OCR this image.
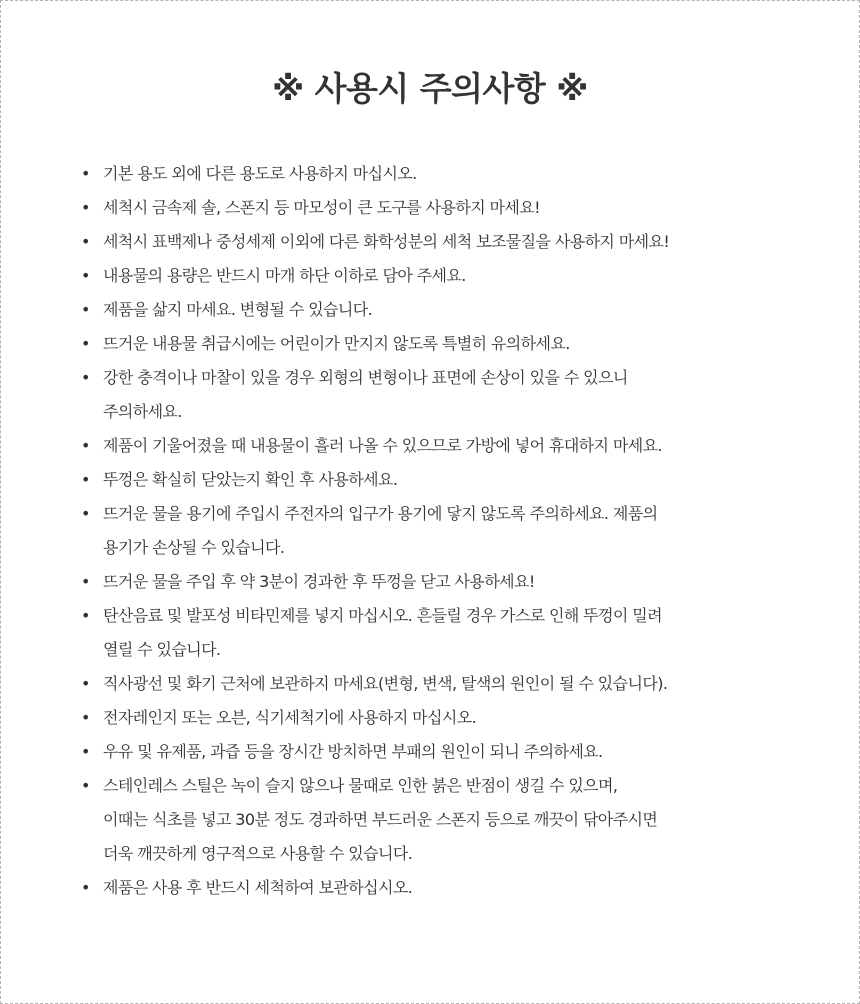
※ 사용시 주의사항 ※
• 기본 용도 외에 다른 용도로 사용하지 마십시오.
• 세척시 금속제 솔, 스폰지 등 마모성이 큰 도구를 사용하지 마세요!
• 세척시 표백제나 중성세제 이외에 다른 화학성분의 세척 보조물질을 사용하지 마세요!
• 내용물의 용량은 반드시 마개 하단 이하로 담아 주세요.
• 제품을 삶지 마세요. 변형될 수 있습니다.
• 뜨거운 내용물 취급시에는 어린이가 만지지 않도록 특별히 유의하세요.
• 강한 충격이나 마찰이 있을 경우 외형의 변형이나 표면에 손상이 있을 수 있으니
주의하세요.
• 제품이 기울어졌을 때 내용물이 흘러 나올 수 있으므로 가방에 넣어 휴대하지 마세요.
• 뚜껑은 확실히 닫았는지 확인 후 사용하세요.
• 뜨거운 물을 용기에 주입시 주전자의 입구가 용기에 닿지 않도록 주의하세요. 제품의
용기가 손상될 수 있습니다.
• 뜨거운 물을 주입 후 약 3분이 경과한 후 뚜껑을 닫고 사용하세요!
• 탄산음료 및 발포성 비타민제를 넣지 마십시오. 흔들릴 경우 가스로 인해 뚜껑이 밀려
열릴 수 있습니다.
• 직사광선 및 화기 근처에 보관하지 마세요(변형, 변색, 탈색의 원인이 될 수 있습니다).
• 전자레인지 또는 오븐, 식기세척기에 사용하지 마십시오.
• 우유 및 유제품, 과즙 등을 장시간 방치하면 부패의 원인이 되니 주의하세요.
• 스테인레스 스틸은 녹이 슬지 않으나 물때로 인한 붉은 반점이 생길 수 있으며,
이때는 식초를 넣고 30분 정도 경과하면 부드러운 스폰지 등으로 깨끗이 닦아주시면
더욱 깨끗하게 영구적으로 사용할 수 있습니다.
• 제품은 사용 후 반드시 세척하여 보관하십시오.
